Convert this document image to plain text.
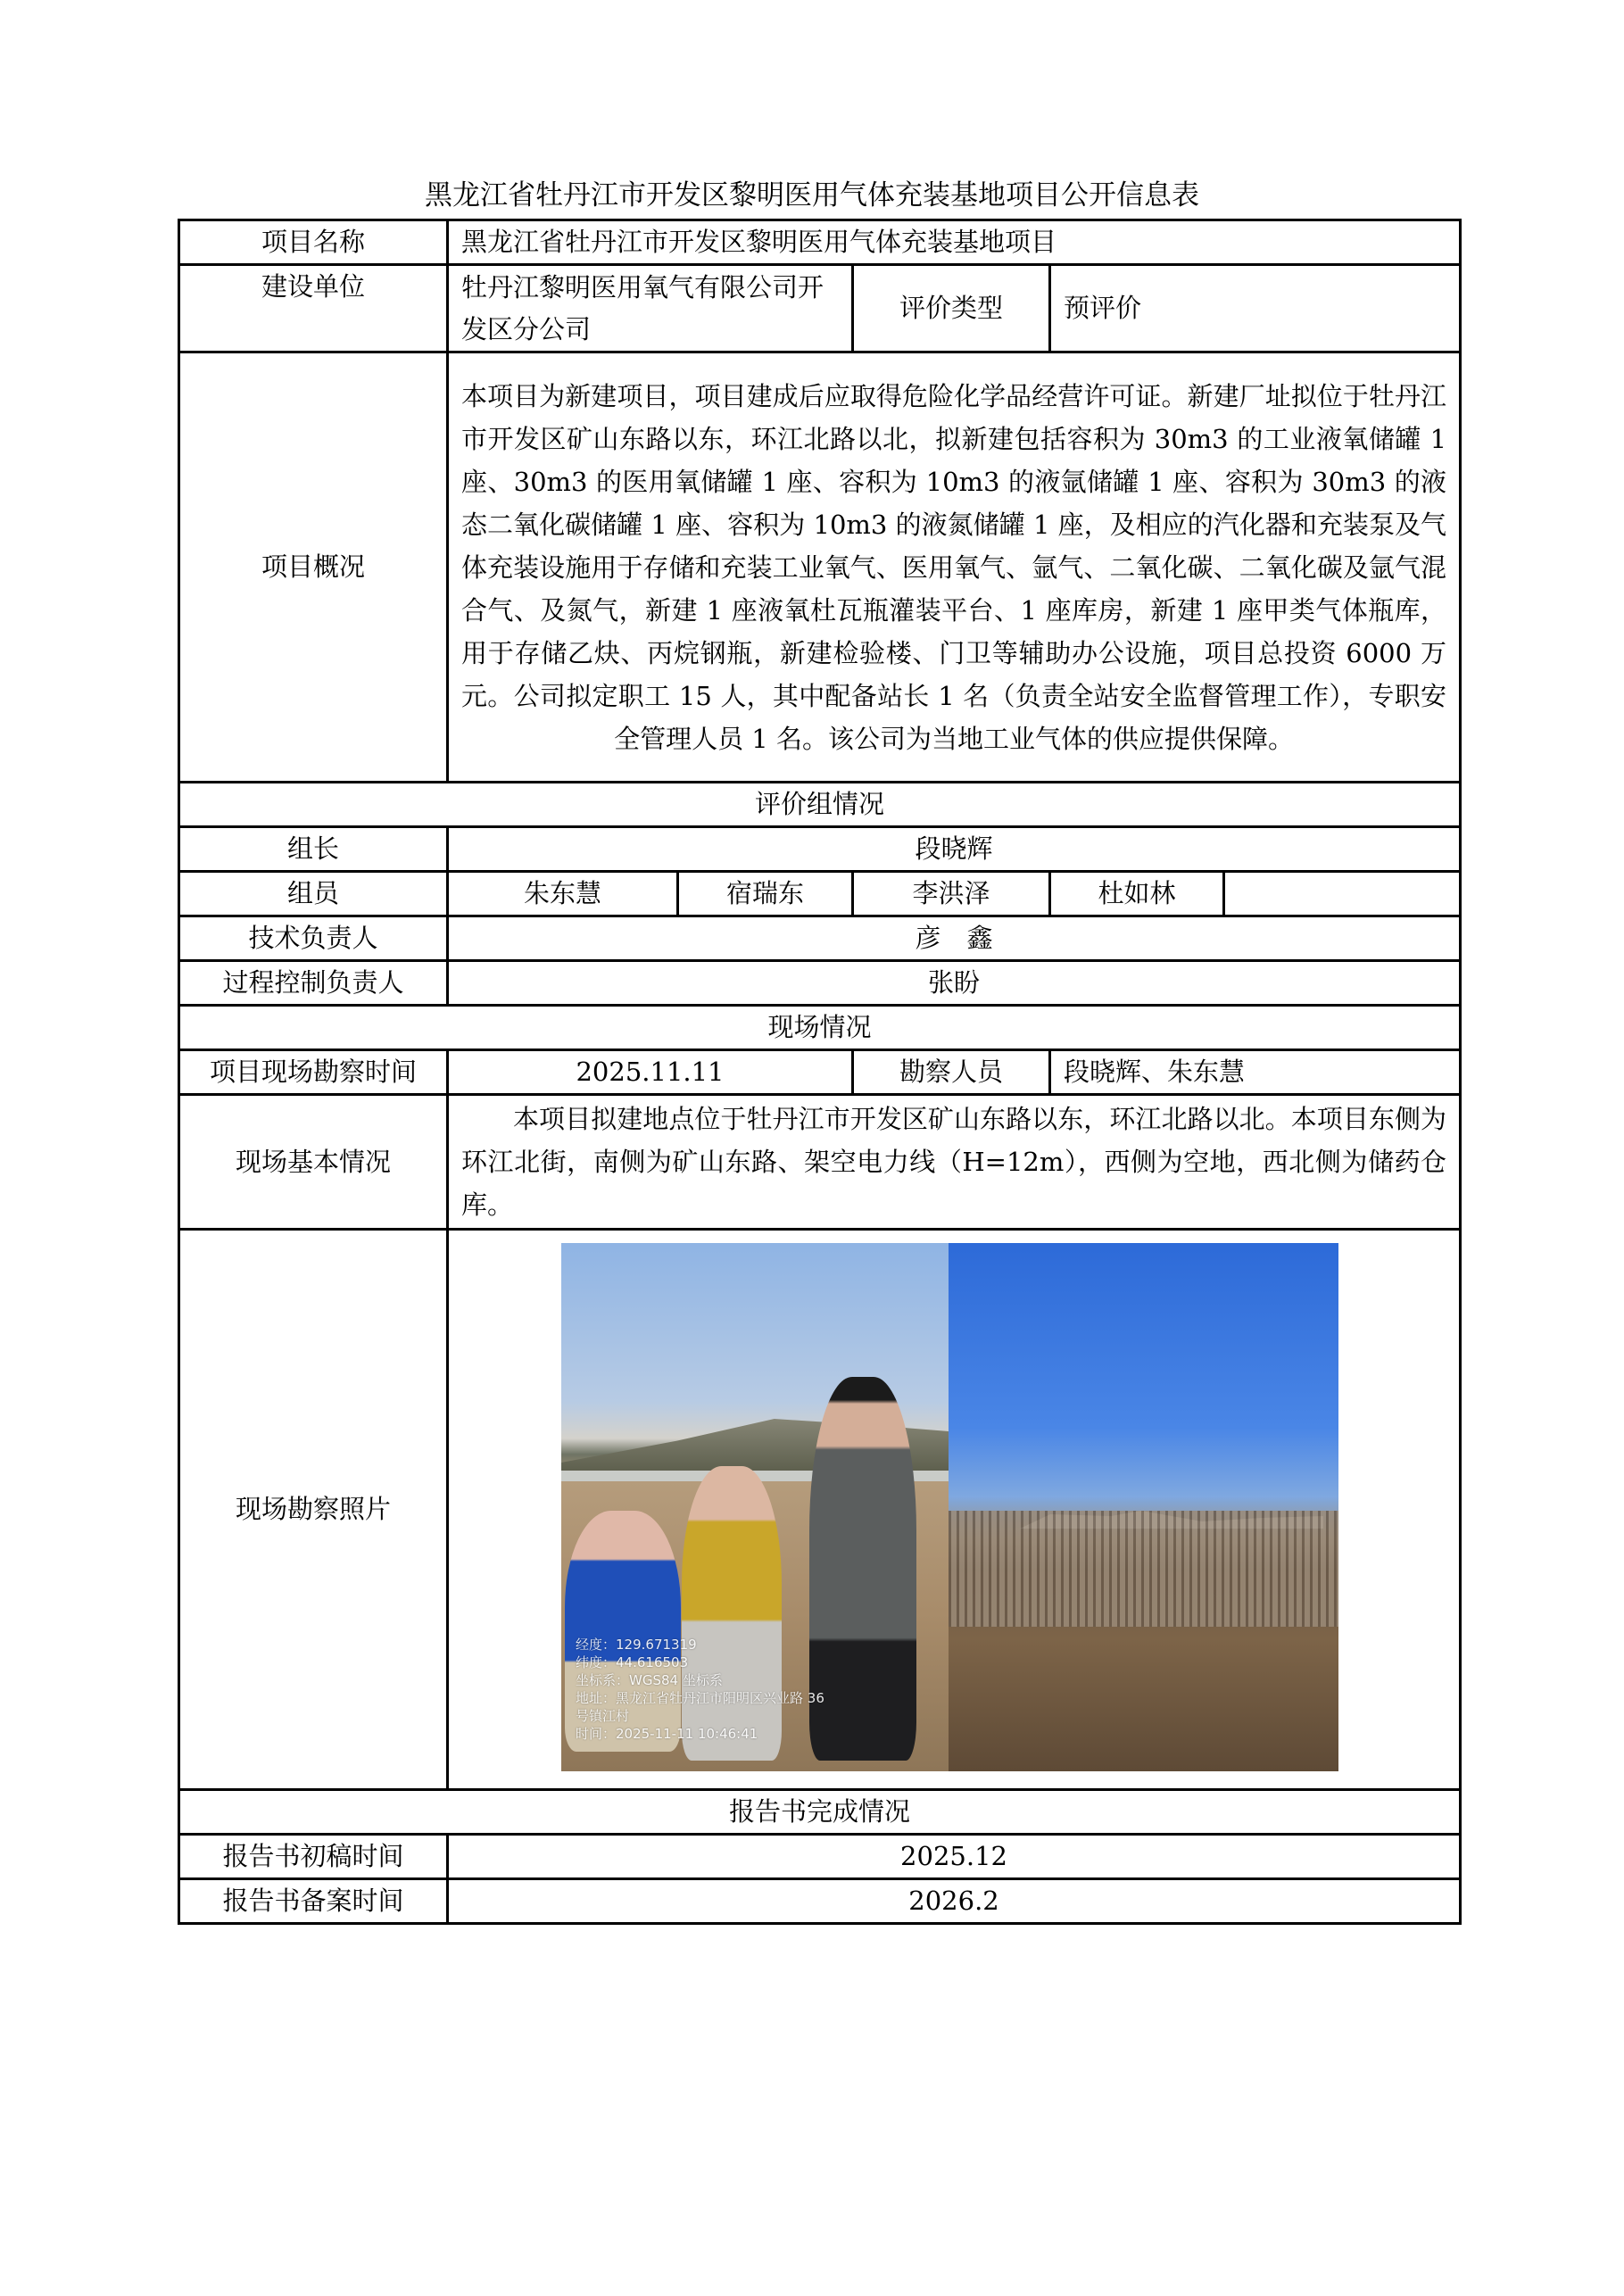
黑龙江省牡丹江市开发区黎明医用气体充装基地项目公开信息表
项目名称	黑龙江省牡丹江市开发区黎明医用气体充装基地项目				
建设单位	牡丹江黎明医用氧气有限公司开发区分公司		评价类型	预评价	
项目概况	本项目为新建项目，项目建成后应取得危险化学品经营许可证。新建厂址拟位于牡丹江市开发区矿山东路以东，环江北路以北，拟新建包括容积为 30m3 的工业液氧储罐 1 座、30m3 的医用氧储罐 1 座、容积为 10m3 的液氩储罐 1 座、容积为 30m3 的液态二氧化碳储罐 1 座、容积为 10m3 的液氮储罐 1 座，及相应的汽化器和充装泵及气体充装设施用于存储和充装工业氧气、医用氧气、氩气、二氧化碳、二氧化碳及氩气混合气、及氮气，新建 1 座液氧杜瓦瓶灌装平台、1 座库房，新建 1 座甲类气体瓶库，用于存储乙炔、丙烷钢瓶，新建检验楼、门卫等辅助办公设施，项目总投资 6000 万元。公司拟定职工 15 人，其中配备站长 1 名（负责全站安全监督管理工作），专职安全管理人员 1 名。该公司为当地工业气体的供应提供保障。				
评价组情况					
组长	段晓辉				
组员	朱东慧	宿瑞东	李洪泽	杜如林	
技术负责人	彦　鑫				
过程控制负责人	张盼				
现场情况					
项目现场勘察时间	2025.11.11		勘察人员	段晓辉、朱东慧	
现场基本情况	本项目拟建地点位于牡丹江市开发区矿山东路以东，环江北路以北。本项目东侧为环江北街，南侧为矿山东路、架空电力线（H=12m），西侧为空地，西北侧为储药仓库。				
现场勘察照片	
经度：129.671319
纬度：44.616503
坐标系：WGS84 坐标系
地址：黑龙江省牡丹江市阳明区兴业路 36
号镇江村
时间：2025-11-11 10:46:41

报告书完成情况					
报告书初稿时间	2025.12				
报告书备案时间	2026.2				
